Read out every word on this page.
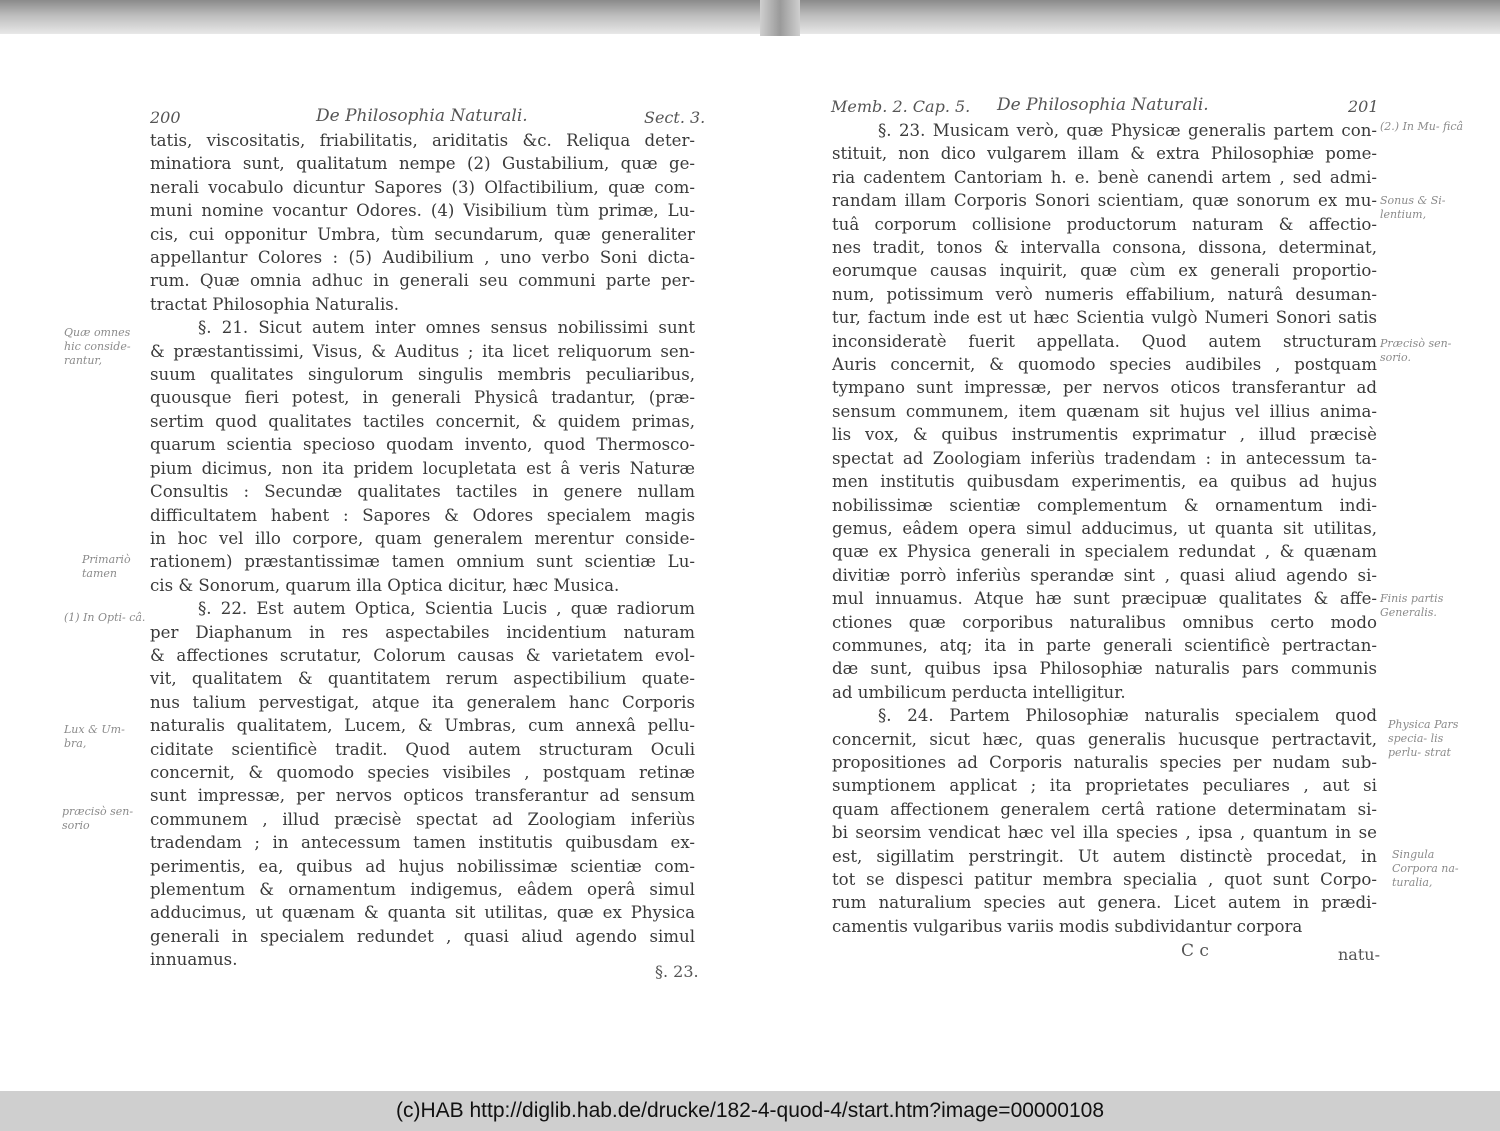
200	De Philosophia Naturali.	Sect. 3.
tatis, viscositatis, friabilitatis, ariditatis &c. Reliqua deter-
minatiora sunt, qualitatum nempe (2) Gustabilium, quæ ge-
nerali vocabulo dicuntur Sapores (3) Olfactibilium, quæ com-
muni nomine vocantur Odores. (4) Visibilium tùm primæ, Lu-
cis, cui opponitur Umbra, tùm secundarum, quæ generaliter
appellantur Colores : (5) Audibilium , uno verbo Soni dicta-
rum. Quæ omnia adhuc in generali seu communi parte per-
tractat Philosophia Naturalis.
§. 21. Sicut autem inter omnes sensus nobilissimi sunt
& præstantissimi, Visus, & Auditus ; ita licet reliquorum sen-
suum qualitates singulorum singulis membris peculiaribus,
quousque fieri potest, in generali Physicâ tradantur, (præ-
sertim quod qualitates tactiles concernit, & quidem primas,
quarum scientia specioso quodam invento, quod Thermosco-
pium dicimus, non ita pridem locupletata est â veris Naturæ
Consultis : Secundæ qualitates tactiles in genere nullam
difficultatem habent : Sapores & Odores specialem magis
in hoc vel illo corpore, quam generalem merentur conside-
rationem) præstantissimæ tamen omnium sunt scientiæ Lu-
cis & Sonorum, quarum illa Optica dicitur, hæc Musica.
§. 22. Est autem Optica, Scientia Lucis , quæ radiorum
per Diaphanum in res aspectabiles incidentium naturam
& affectiones scrutatur, Colorum causas & varietatem evol-
vit, qualitatem & quantitatem rerum aspectibilium quate-
nus talium pervestigat, atque ita generalem hanc Corporis
naturalis qualitatem, Lucem, & Umbras, cum annexâ pellu-
ciditate scientificè tradit. Quod autem structuram Oculi
concernit, & quomodo species visibiles , postquam retinæ
sunt impressæ, per nervos opticos transferantur ad sensum
communem , illud præcisè spectat ad Zoologiam inferiùs
tradendam ; in antecessum tamen institutis quibusdam ex-
perimentis, ea, quibus ad hujus nobilissimæ scientiæ com-
plementum & ornamentum indigemus, eâdem operâ simul
adducimus, ut quænam & quanta sit utilitas, quæ ex Physica
generali in specialem redundet , quasi aliud agendo simul
innuamus.
§. 23.
Quæ omnes hic conside- rantur,
Primariò tamen
(1) In Opti- câ.
Lux & Um- bra,
præcisò sen- sorio
Memb. 2. Cap. 5. De Philosophia Naturali.	201
§. 23. Musicam verò, quæ Physicæ generalis partem con-
stituit, non dico vulgarem illam & extra Philosophiæ pome-
ria cadentem Cantoriam h. e. benè canendi artem , sed admi-
randam illam Corporis Sonori scientiam, quæ sonorum ex mu-
tuâ corporum collisione productorum naturam & affectio-
nes tradit, tonos & intervalla consona, dissona, determinat,
eorumque causas inquirit, quæ cùm ex generali proportio-
num, potissimum verò numeris effabilium, naturâ desuman-
tur, factum inde est ut hæc Scientia vulgò Numeri Sonori satis
inconsideratè fuerit appellata. Quod autem structuram
Auris concernit, & quomodo species audibiles , postquam
tympano sunt impressæ, per nervos oticos transferantur ad
sensum communem, item quænam sit hujus vel illius anima-
lis vox, & quibus instrumentis exprimatur , illud præcisè
spectat ad Zoologiam inferiùs tradendam : in antecessum ta-
men institutis quibusdam experimentis, ea quibus ad hujus
nobilissimæ scientiæ complementum & ornamentum indi-
gemus, eâdem opera simul adducimus, ut quanta sit utilitas,
quæ ex Physica generali in specialem redundat , & quænam
divitiæ porrò inferiùs sperandæ sint , quasi aliud agendo si-
mul innuamus. Atque hæ sunt præcipuæ qualitates & affe-
ctiones quæ corporibus naturalibus omnibus certo modo
communes, atq; ita in parte generali scientificè pertractan-
dæ sunt, quibus ipsa Philosophiæ naturalis pars communis
ad umbilicum perducta intelligitur.
§. 24. Partem Philosophiæ naturalis specialem quod
concernit, sicut hæc, quas generalis hucusque pertractavit,
propositiones ad Corporis naturalis species per nudam sub-
sumptionem applicat ; ita proprietates peculiares , aut si
quam affectionem generalem certâ ratione determinatam si-
bi seorsim vendicat hæc vel illa species , ipsa , quantum in se
est, sigillatim perstringit. Ut autem distinctè procedat, in
tot se dispesci patitur membra specialia , quot sunt Corpo-
rum naturalium species aut genera. Licet autem in prædi-
camentis vulgaribus variis modis subdividantur corpora
C c	natu-
(2.) In Mu- ficâ
Sonus & Si- lentium,
Præcisò sen- sorio.
Finis partis Generalis.
Physica Pars specia- lis perlu- strat
Singula Corpora na- turalia,
(c)HAB http://diglib.hab.de/drucke/182-4-quod-4/start.htm?image=00000108
